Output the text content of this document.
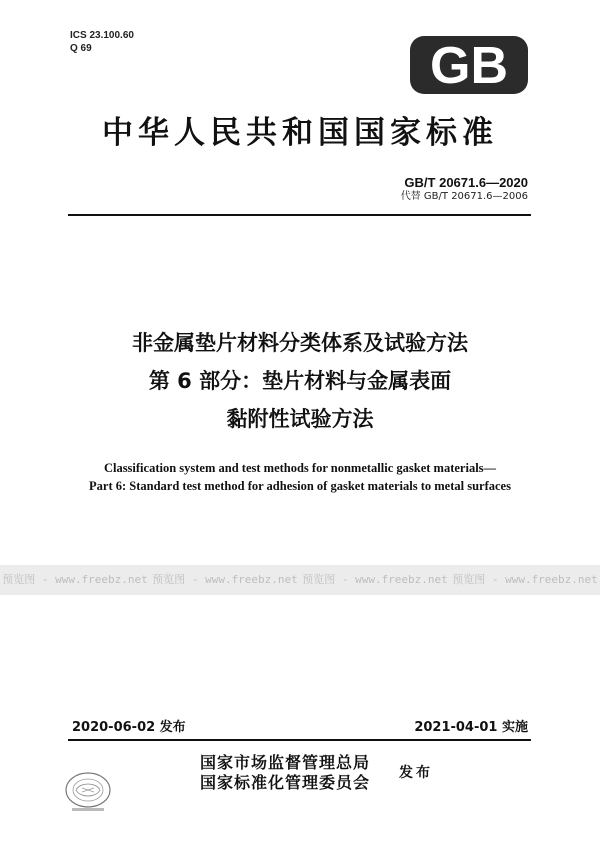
ICS 23.100.60
Q 69	GB
中华人民共和国国家标准
GB/T 20671.6—2020
代替 GB/T 20671.6—2006
非金属垫片材料分类体系及试验方法
第 6 部分：垫片材料与金属表面
黏附性试验方法
Classification system and test methods for nonmetallic gasket materials—
Part 6: Standard test method for adhesion of gasket materials to metal surfaces
预览图 - www.freebz.net 预览图 - www.freebz.net 预览图 - www.freebz.net 预览图 - www.freebz.net
2020-06-02 发布	2021-04-01 实施
国家市场监督管理总局
国家标准化管理委员会 发布
